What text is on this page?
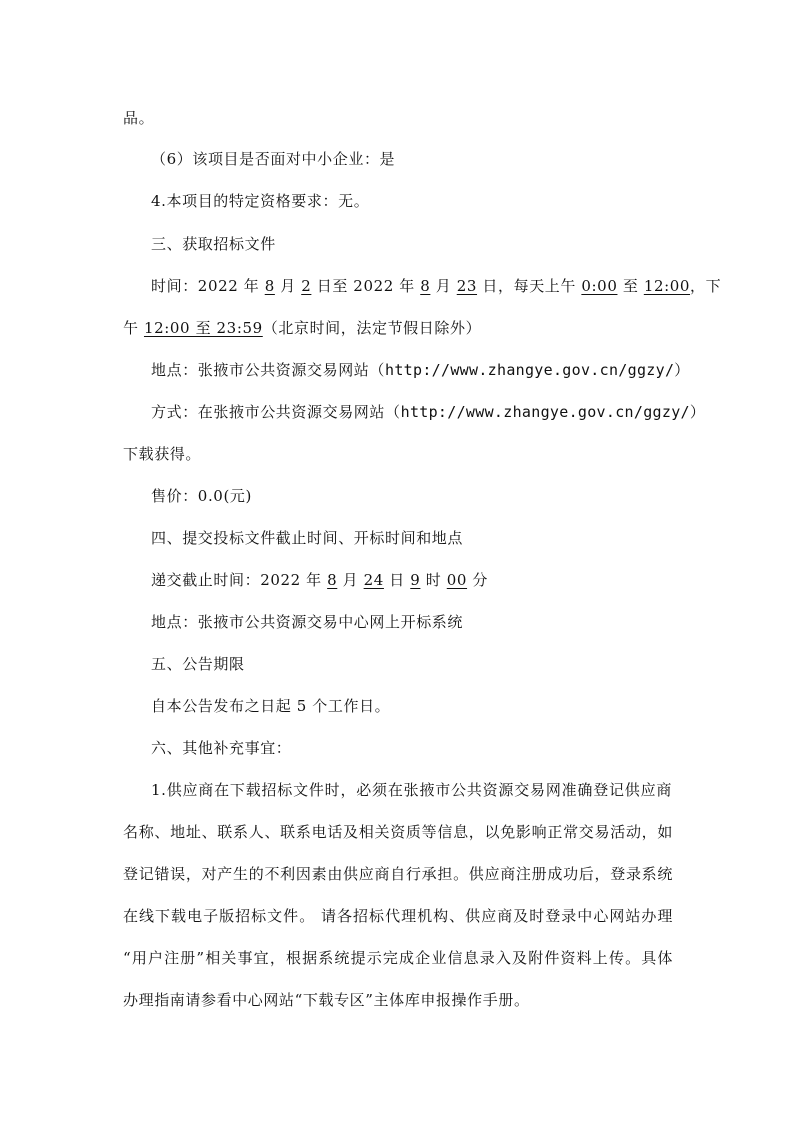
品。
（6）该项目是否面对中小企业：是
4.本项目的特定资格要求：无。
三、获取招标文件
时间：2022 年 8 月 2 日至 2022 年 8 月 23 日，每天上午 0:00 至 12:00，下
午 12:00 至 23:59（北京时间，法定节假日除外）
地点：张掖市公共资源交易网站（http://www.zhangye.gov.cn/ggzy/）
方式：在张掖市公共资源交易网站（http://www.zhangye.gov.cn/ggzy/）
下载获得。
售价：0.0(元)
四、提交投标文件截止时间、开标时间和地点
递交截止时间：2022 年 8 月 24 日 9 时 00 分
地点：张掖市公共资源交易中心网上开标系统
五、公告期限
自本公告发布之日起 5 个工作日。
六、其他补充事宜：
1.供应商在下载招标文件时，必须在张掖市公共资源交易网准确登记供应商
名称、地址、联系人、联系电话及相关资质等信息，以免影响正常交易活动，如
登记错误，对产生的不利因素由供应商自行承担。供应商注册成功后，登录系统
在线下载电子版招标文件。 请各招标代理机构、供应商及时登录中心网站办理
“用户注册”相关事宜，根据系统提示完成企业信息录入及附件资料上传。具体
办理指南请参看中心网站“下载专区”主体库申报操作手册。
